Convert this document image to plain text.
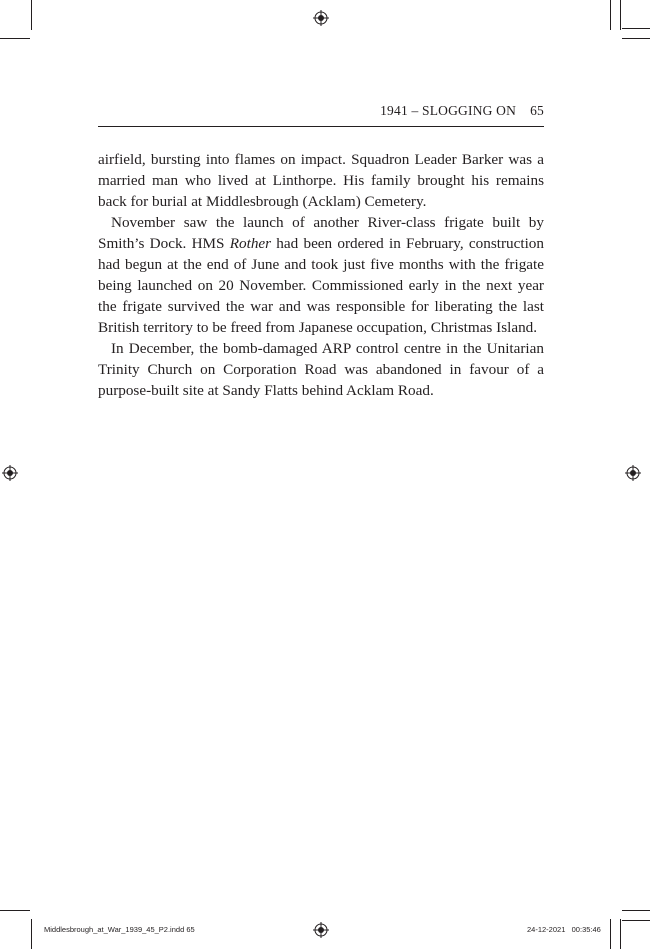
1941 – SLOGGING ON 65

airfield, bursting into flames on impact. Squadron Leader Barker was a married man who lived at Linthorpe. His family brought his remains back for burial at Middlesbrough (Acklam) Cemetery.

November saw the launch of another River-class frigate built by Smith’s Dock. HMS Rother had been ordered in February, construction had begun at the end of June and took just five months with the frigate being launched on 20 November. Commissioned early in the next year the frigate survived the war and was responsible for liberating the last British territory to be freed from Japanese occupation, Christmas Island.

In December, the bomb-damaged ARP control centre in the Unitarian Trinity Church on Corporation Road was abandoned in favour of a purpose-built site at Sandy Flatts behind Acklam Road.

Middlesbrough_at_War_1939_45_P2.indd 65	24-12-2021 00:35:46
